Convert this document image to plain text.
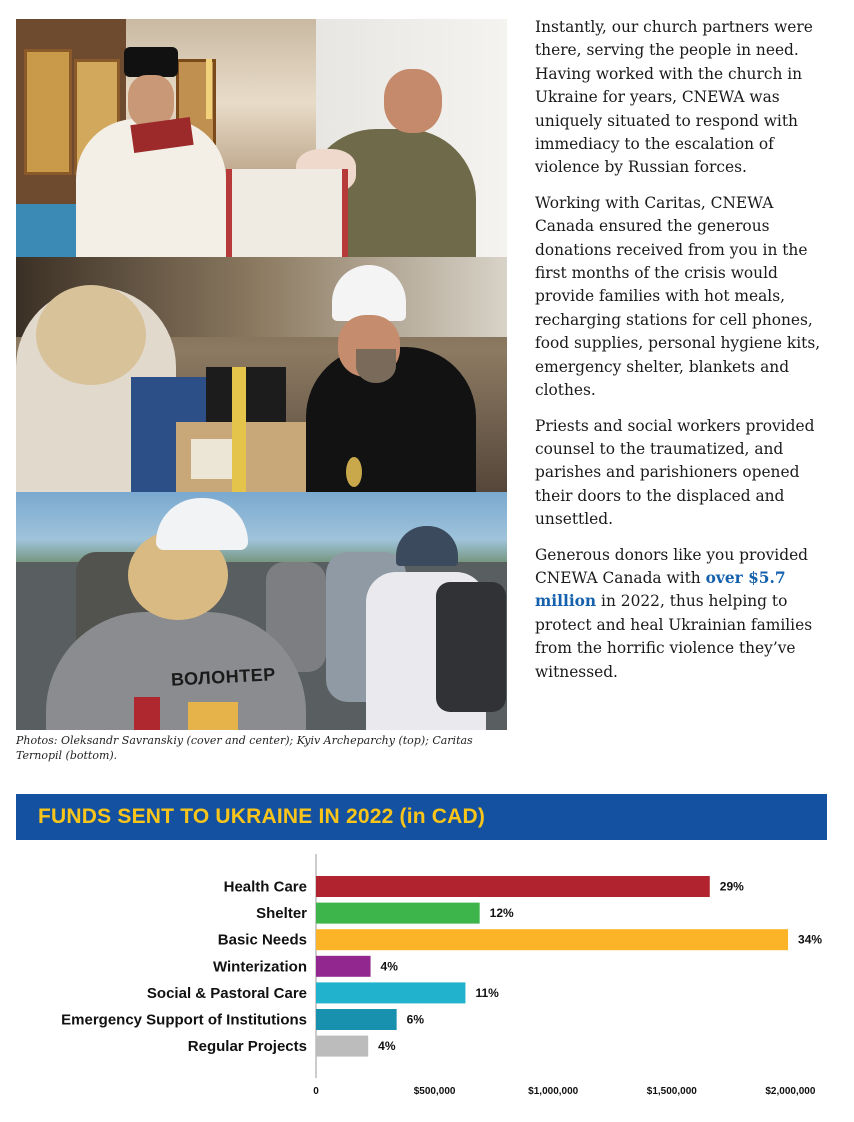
ВОЛОНТЕР

Photos: Oleksandr Savranskiy (cover and center); Kyiv Archeparchy (top); Caritas Ternopil (bottom).

Instantly, our church partners were there, serving the people in need. Having worked with the church in Ukraine for years, CNEWA was uniquely situated to respond with immediacy to the escalation of violence by Russian forces.

Working with Caritas, CNEWA Canada ensured the generous donations received from you in the first months of the crisis would provide families with hot meals, recharging stations for cell phones, food supplies, personal hygiene kits, emergency shelter, blankets and clothes.

Priests and social workers provided counsel to the traumatized, and parishes and parishioners opened their doors to the displaced and unsettled.

Generous donors like you provided CNEWA Canada with over $5.7 million in 2022, thus helping to protect and heal Ukrainian families from the horrific violence they’ve witnessed.

FUNDS SENT TO UKRAINE IN 2022 (in CAD)
Health Care	29%
Shelter	12%
Basic Needs	34%
Winterization	4%
Social & Pastoral Care	11%
Emergency Support of Institutions	6%
Regular Projects	4%
0	$500,000	$1,000,000	$1,500,000	$2,000,000
